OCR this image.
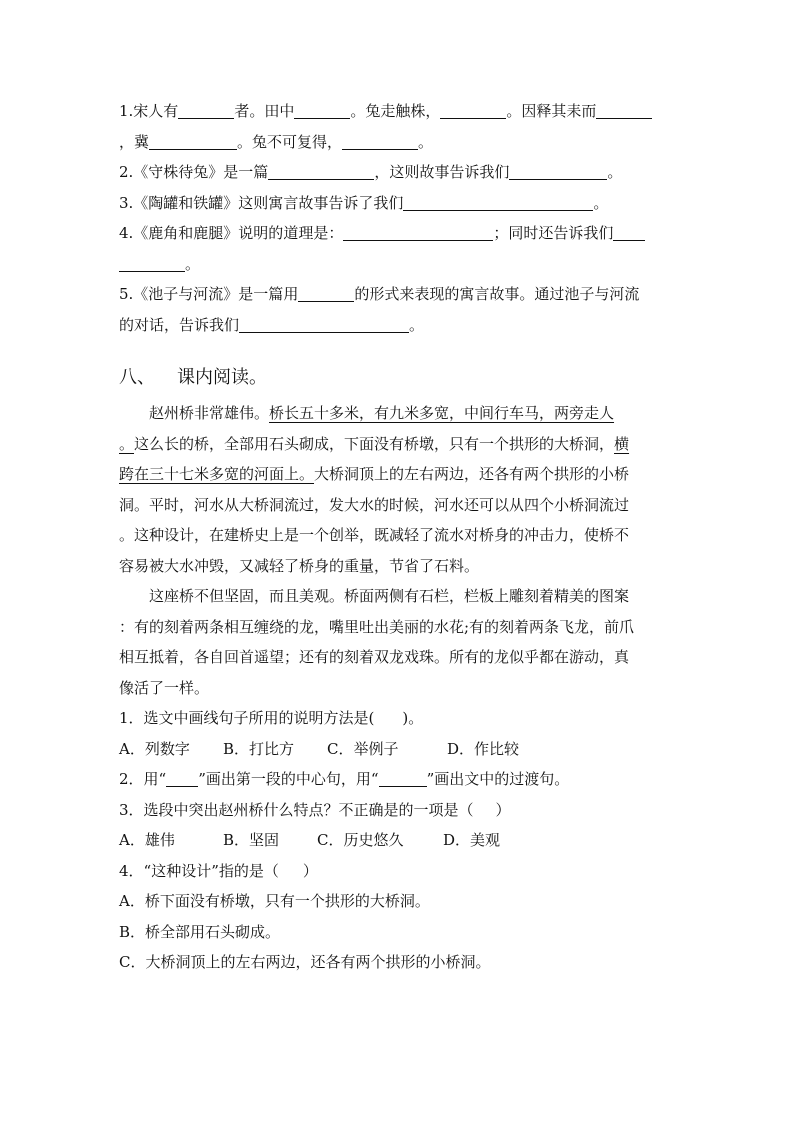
1.宋人有	者。田中	。兔走触株，	。因释其耒而
，冀	。兔不可复得，	。
2.《守株待兔》是一篇	，这则故事告诉我们	。
3.《陶罐和铁罐》这则寓言故事告诉了我们	。
4.《鹿角和鹿腿》说明的道理是：	；同时还告诉我们
。
5.《池子与河流》是一篇用	的形式来表现的寓言故事。通过池子与河流
的对话，告诉我们	。
八、 课内阅读。
赵州桥非常雄伟。桥长五十多米，有九米多宽，中间行车马，两旁走人
。这么长的桥，全部用石头砌成，下面没有桥墩，只有一个拱形的大桥洞，横
跨在三十七米多宽的河面上。大桥洞顶上的左右两边，还各有两个拱形的小桥
洞。平时，河水从大桥洞流过，发大水的时候，河水还可以从四个小桥洞流过
。这种设计，在建桥史上是一个创举，既减轻了流水对桥身的冲击力，使桥不
容易被大水冲毁，又减轻了桥身的重量，节省了石料。
这座桥不但坚固，而且美观。桥面两侧有石栏，栏板上雕刻着精美的图案
：有的刻着两条相互缠绕的龙，嘴里吐出美丽的水花;有的刻着两条飞龙，前爪
相互抵着，各自回首遥望；还有的刻着双龙戏珠。所有的龙似乎都在游动，真
像活了一样。
1．选文中画线句子所用的说明方法是( )。
A．列数字 B．打比方 C．举例子	D．作比较
2．用“ ”画出第一段的中心句，用“	”画出文中的过渡句。
3．选段中突出赵州桥什么特点？不正确是的一项是（ ）
A．雄伟	B．坚固	C．历史悠久	D．美观
4．“这种设计”指的是（ ）
A．桥下面没有桥墩，只有一个拱形的大桥洞。
B．桥全部用石头砌成。
C．大桥洞顶上的左右两边，还各有两个拱形的小桥洞。
